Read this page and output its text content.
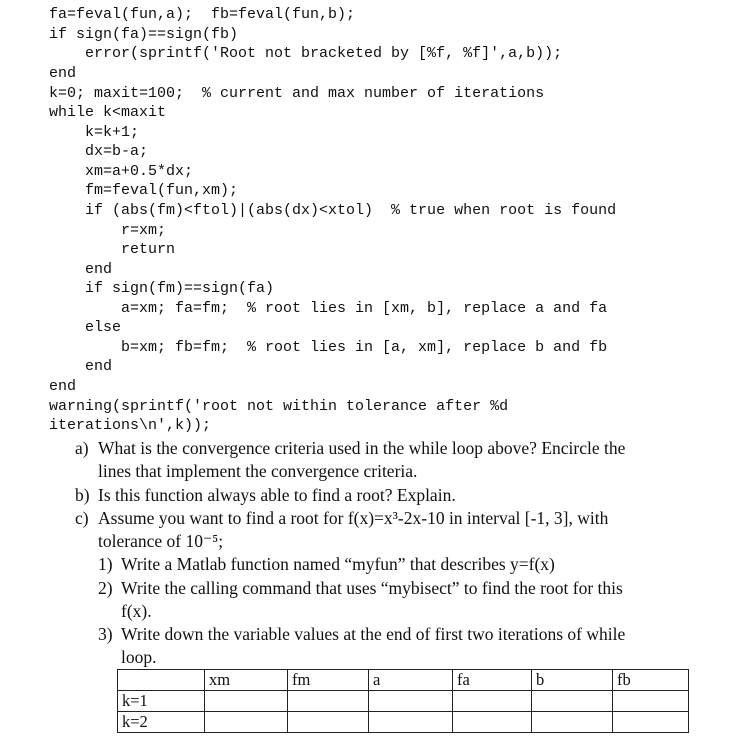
fa=feval(fun,a);  fb=feval(fun,b);
if sign(fa)==sign(fb)
error(sprintf('Root not bracketed by [%f, %f]',a,b));
end
k=0; maxit=100;  % current and max number of iterations
while k<maxit
k=k+1;
dx=b-a;
xm=a+0.5*dx;
fm=feval(fun,xm);
if (abs(fm)<ftol)|(abs(dx)<xtol)  % true when root is found
r=xm;
return
end
if sign(fm)==sign(fa)
a=xm; fa=fm;  % root lies in [xm, b], replace a and fa
else
b=xm; fb=fm;  % root lies in [a, xm], replace b and fb
end
end
warning(sprintf('root not within tolerance after %d
iterations\n',k));
a) What is the convergence criteria used in the while loop above? Encircle the
lines that implement the convergence criteria.
b) Is this function always able to find a root? Explain.
c) Assume you want to find a root for f(x)=x³-2x-10 in interval [-1, 3], with
tolerance of 10⁻⁵;
1) Write a Matlab function named “myfun” that describes y=f(x)
2) Write the calling command that uses “mybisect” to find the root for this
f(x).
3) Write down the variable values at the end of first two iterations of while
loop.
	xm	fm	a	fa	b	fb
k=1						
k=2						
